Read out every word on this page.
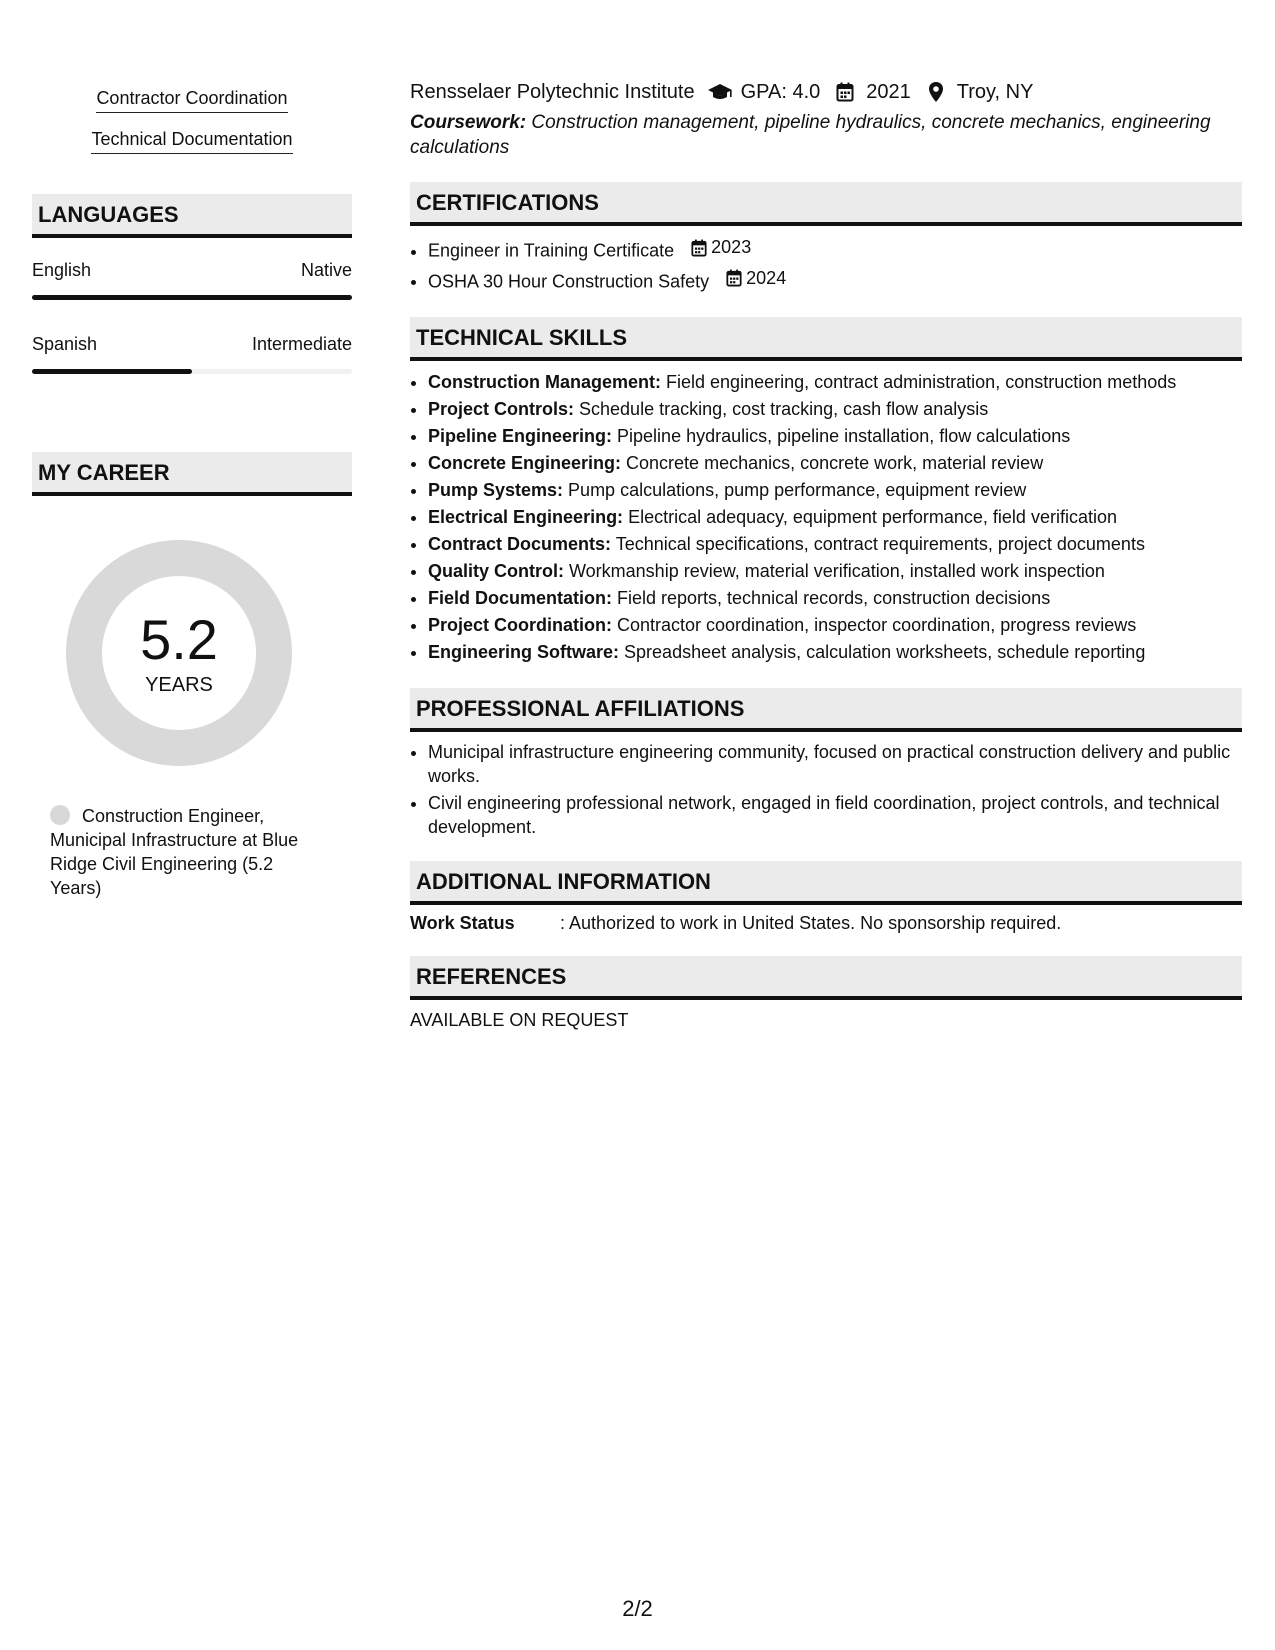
Contractor Coordination
Technical Documentation
LANGUAGES
English	Native
Spanish	Intermediate
MY CAREER
5.2
YEARS
Construction Engineer, Municipal Infrastructure at Blue Ridge Civil Engineering (5.2 Years)
Rensselaer Polytechnic Institute GPA: 4.0 2021 Troy, NY
Coursework: Construction management, pipeline hydraulics, concrete mechanics, engineering calculations
CERTIFICATIONS
• Engineer in Training Certificate 2023
• OSHA 30 Hour Construction Safety 2024
TECHNICAL SKILLS
• Construction Management: Field engineering, contract administration, construction methods
• Project Controls: Schedule tracking, cost tracking, cash flow analysis
• Pipeline Engineering: Pipeline hydraulics, pipeline installation, flow calculations
• Concrete Engineering: Concrete mechanics, concrete work, material review
• Pump Systems: Pump calculations, pump performance, equipment review
• Electrical Engineering: Electrical adequacy, equipment performance, field verification
• Contract Documents: Technical specifications, contract requirements, project documents
• Quality Control: Workmanship review, material verification, installed work inspection
• Field Documentation: Field reports, technical records, construction decisions
• Project Coordination: Contractor coordination, inspector coordination, progress reviews
• Engineering Software: Spreadsheet analysis, calculation worksheets, schedule reporting
PROFESSIONAL AFFILIATIONS
• Municipal infrastructure engineering community, focused on practical construction delivery and public works.
• Civil engineering professional network, engaged in field coordination, project controls, and technical development.
ADDITIONAL INFORMATION
Work Status	: Authorized to work in United States. No sponsorship required.
REFERENCES
AVAILABLE ON REQUEST
2/2
